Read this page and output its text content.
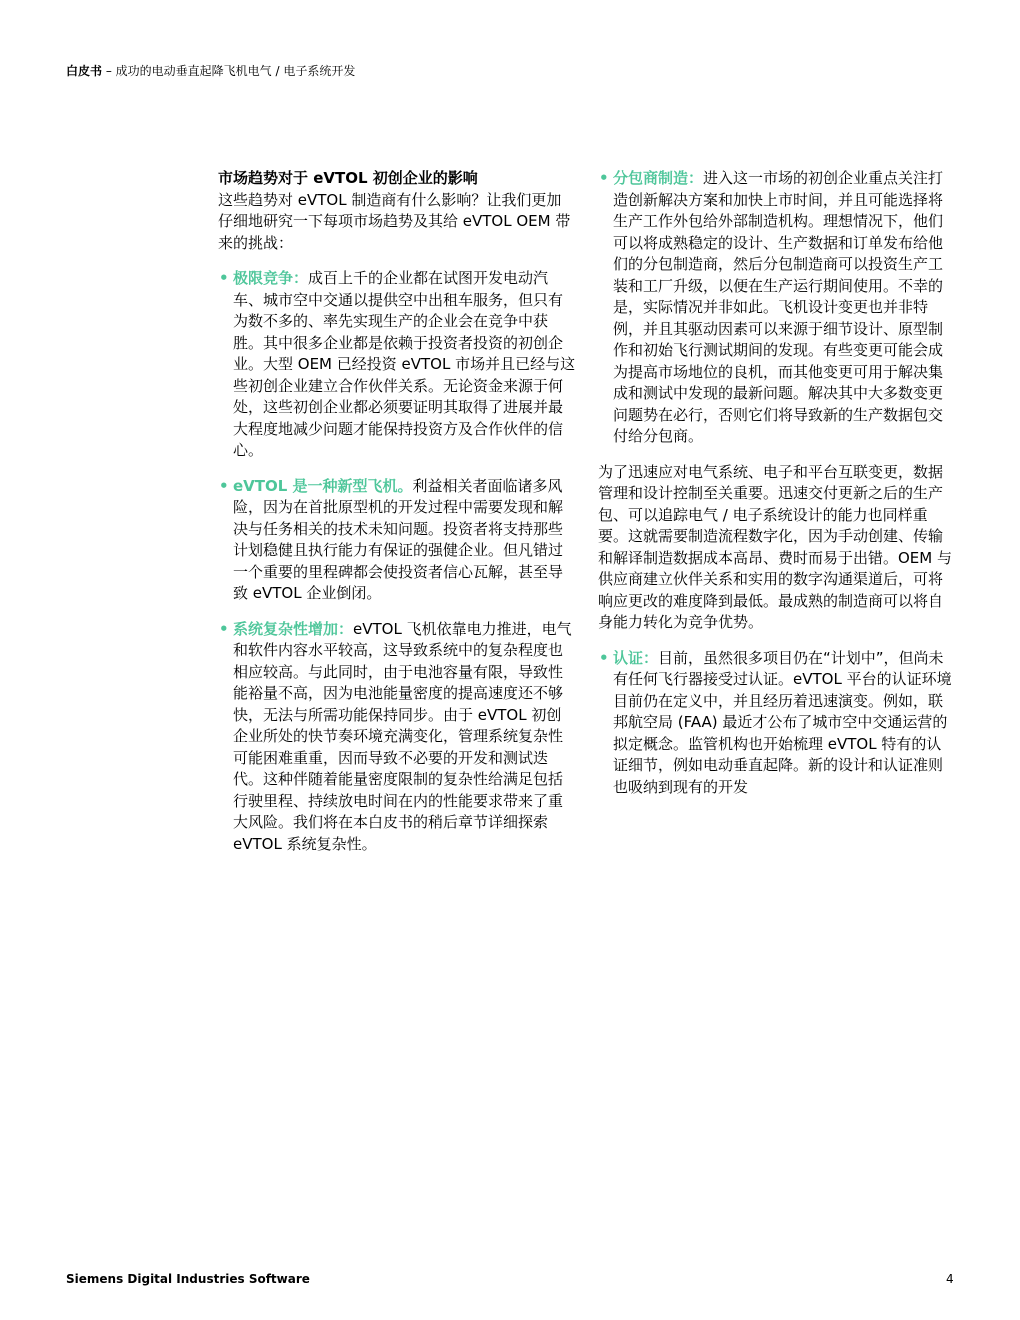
白皮书 – 成功的电动垂直起降飞机电气 / 电子系统开发

市场趋势对于 eVTOL 初创企业的影响

这些趋势对 eVTOL 制造商有什么影响？让我们更加仔细地研究一下每项市场趋势及其给 eVTOL OEM 带来的挑战：

• 极限竞争：成百上千的企业都在试图开发电动汽车、城市空中交通以提供空中出租车服务，但只有为数不多的、率先实现生产的企业会在竞争中获胜。其中很多企业都是依赖于投资者投资的初创企业。大型 OEM 已经投资 eVTOL 市场并且已经与这些初创企业建立合作伙伴关系。无论资金来源于何处，这些初创企业都必须要证明其取得了进展并最大程度地减少问题才能保持投资方及合作伙伴的信心。
• eVTOL 是一种新型飞机。利益相关者面临诸多风险，因为在首批原型机的开发过程中需要发现和解决与任务相关的技术未知问题。投资者将支持那些计划稳健且执行能力有保证的强健企业。但凡错过一个重要的里程碑都会使投资者信心瓦解，甚至导致 eVTOL 企业倒闭。
• 系统复杂性增加：eVTOL 飞机依靠电力推进，电气和软件内容水平较高，这导致系统中的复杂程度也相应较高。与此同时，由于电池容量有限，导致性能裕量不高，因为电池能量密度的提高速度还不够快，无法与所需功能保持同步。由于 eVTOL 初创企业所处的快节奏环境充满变化，管理系统复杂性可能困难重重，因而导致不必要的开发和测试迭代。这种伴随着能量密度限制的复杂性给满足包括行驶里程、持续放电时间在内的性能要求带来了重大风险。我们将在本白皮书的稍后章节详细探索 eVTOL 系统复杂性。
• 分包商制造：进入这一市场的初创企业重点关注打造创新解决方案和加快上市时间，并且可能选择将生产工作外包给外部制造机构。理想情况下，他们可以将成熟稳定的设计、生产数据和订单发布给他们的分包制造商，然后分包制造商可以投资生产工装和工厂升级，以便在生产运行期间使用。不幸的是，实际情况并非如此。飞机设计变更也并非特例，并且其驱动因素可以来源于细节设计、原型制作和初始飞行测试期间的发现。有些变更可能会成为提高市场地位的良机，而其他变更可用于解决集成和测试中发现的最新问题。解决其中大多数变更问题势在必行，否则它们将导致新的生产数据包交付给分包商。

为了迅速应对电气系统、电子和平台互联变更，数据管理和设计控制至关重要。迅速交付更新之后的生产包、可以追踪电气 / 电子系统设计的能力也同样重要。这就需要制造流程数字化，因为手动创建、传输和解译制造数据成本高昂、费时而易于出错。OEM 与供应商建立伙伴关系和实用的数字沟通渠道后，可将响应更改的难度降到最低。最成熟的制造商可以将自身能力转化为竞争优势。

• 认证：目前，虽然很多项目仍在“计划中”，但尚未有任何飞行器接受过认证。eVTOL 平台的认证环境目前仍在定义中，并且经历着迅速演变。例如，联邦航空局 (FAA) 最近才公布了城市空中交通运营的拟定概念。监管机构也开始梳理 eVTOL 特有的认证细节，例如电动垂直起降。新的设计和认证准则也吸纳到现有的开发
Siemens Digital Industries Software	4
